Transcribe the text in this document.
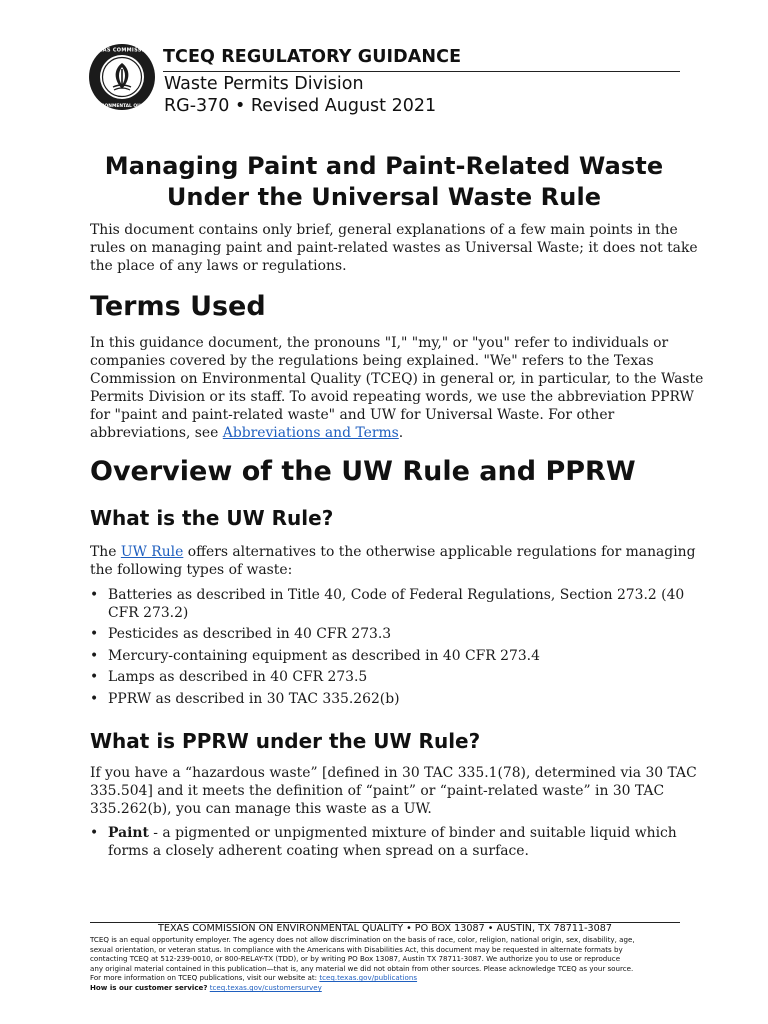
TEXAS COMMISSION
ENVIRONMENTAL QUALITY
TCEQ REGULATORY GUIDANCE
Waste Permits Division
RG-370 • Revised August 2021
Managing Paint and Paint-Related Waste
Under the Universal Waste Rule
This document contains only brief, general explanations of a few main points in the
rules on managing paint and paint-related wastes as Universal Waste; it does not take
the place of any laws or regulations.
Terms Used
In this guidance document, the pronouns "I," "my," or "you" refer to individuals or
companies covered by the regulations being explained. "We" refers to the Texas
Commission on Environmental Quality (TCEQ) in general or, in particular, to the Waste
Permits Division or its staff. To avoid repeating words, we use the abbreviation PPRW
for "paint and paint-related waste" and UW for Universal Waste. For other
abbreviations, see Abbreviations and Terms.
Overview of the UW Rule and PPRW
What is the UW Rule?
The UW Rule offers alternatives to the otherwise applicable regulations for managing
the following types of waste:
• Batteries as described in Title 40, Code of Federal Regulations, Section 273.2 (40
CFR 273.2)
• Pesticides as described in 40 CFR 273.3
• Mercury-containing equipment as described in 40 CFR 273.4
• Lamps as described in 40 CFR 273.5
• PPRW as described in 30 TAC 335.262(b)
What is PPRW under the UW Rule?
If you have a “hazardous waste” [defined in 30 TAC 335.1(78), determined via 30 TAC
335.504] and it meets the definition of “paint” or “paint-related waste” in 30 TAC
335.262(b), you can manage this waste as a UW.
• Paint - a pigmented or unpigmented mixture of binder and suitable liquid which
forms a closely adherent coating when spread on a surface.
TEXAS COMMISSION ON ENVIRONMENTAL QUALITY • PO BOX 13087 • AUSTIN, TX 78711-3087
TCEQ is an equal opportunity employer. The agency does not allow discrimination on the basis of race, color, religion, national origin, sex, disability, age,
sexual orientation, or veteran status. In compliance with the Americans with Disabilities Act, this document may be requested in alternate formats by
contacting TCEQ at 512-239-0010, or 800-RELAY-TX (TDD), or by writing PO Box 13087, Austin TX 78711-3087. We authorize you to use or reproduce
any original material contained in this publication—that is, any material we did not obtain from other sources. Please acknowledge TCEQ as your source.
For more information on TCEQ publications, visit our website at: tceq.texas.gov/publications
How is our customer service? tceq.texas.gov/customersurvey
